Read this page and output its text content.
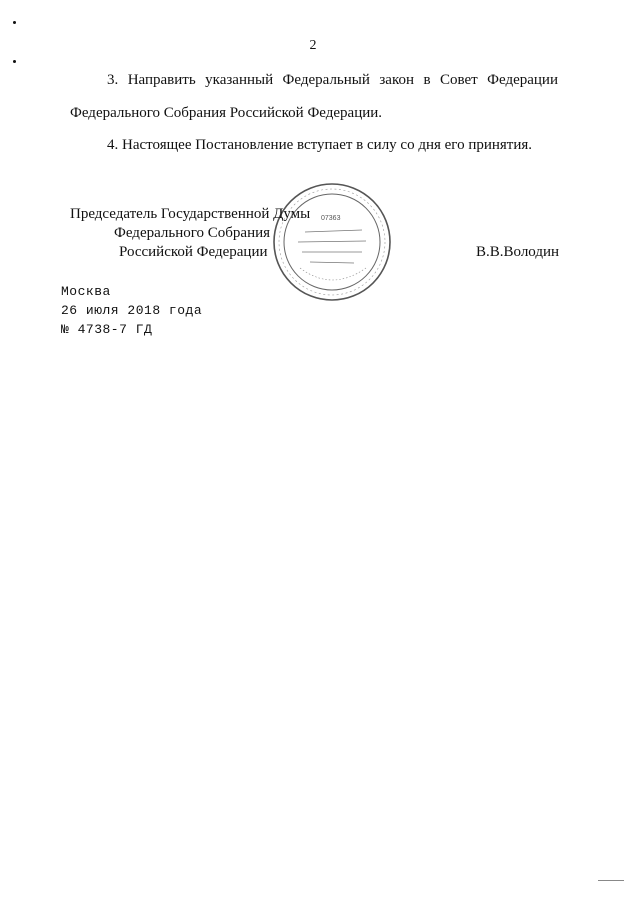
2
3. Направить указанный Федеральный закон в Совет Федерации
Федерального Собрания Российской Федерации.
4. Настоящее Постановление вступает в силу со дня его принятия.
07363
Председатель Государственной Думы
Федерального Собрания
Российской Федерации	В.В.Володин
Москва
26 июля 2018 года
№ 4738-7 ГД
